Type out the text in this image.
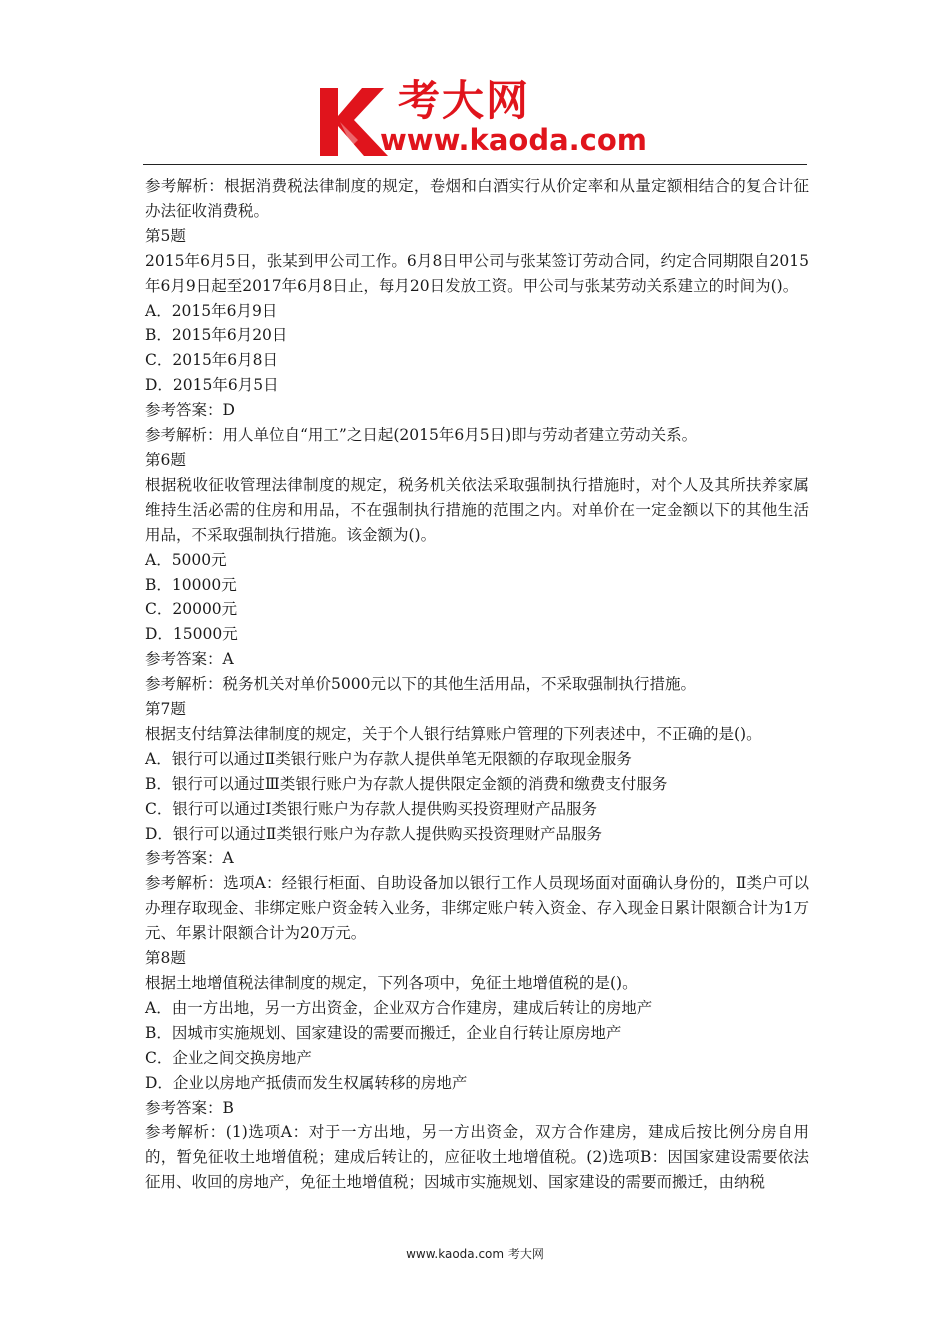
考大网
www.kaoda.com

参考解析：根据消费税法律制度的规定，卷烟和白酒实行从价定率和从量定额相结合的复合计征办法征收消费税。

第5题

2015年6月5日，张某到甲公司工作。6月8日甲公司与张某签订劳动合同，约定合同期限自2015年6月9日起至2017年6月8日止，每月20日发放工资。甲公司与张某劳动关系建立的时间为()。

A．2015年6月9日

B．2015年6月20日

C．2015年6月8日

D．2015年6月5日

参考答案：D

参考解析：用人单位自“用工”之日起(2015年6月5日)即与劳动者建立劳动关系。

第6题

根据税收征收管理法律制度的规定，税务机关依法采取强制执行措施时，对个人及其所扶养家属维持生活必需的住房和用品，不在强制执行措施的范围之内。对单价在一定金额以下的其他生活用品，不采取强制执行措施。该金额为()。

A．5000元

B．10000元

C．20000元

D．15000元

参考答案：A

参考解析：税务机关对单价5000元以下的其他生活用品，不采取强制执行措施。

第7题

根据支付结算法律制度的规定，关于个人银行结算账户管理的下列表述中，不正确的是()。

A．银行可以通过Ⅱ类银行账户为存款人提供单笔无限额的存取现金服务

B．银行可以通过Ⅲ类银行账户为存款人提供限定金额的消费和缴费支付服务

C．银行可以通过Ⅰ类银行账户为存款人提供购买投资理财产品服务

D．银行可以通过Ⅱ类银行账户为存款人提供购买投资理财产品服务

参考答案：A

参考解析：选项A：经银行柜面、自助设备加以银行工作人员现场面对面确认身份的，Ⅱ类户可以办理存取现金、非绑定账户资金转入业务，非绑定账户转入资金、存入现金日累计限额合计为1万元、年累计限额合计为20万元。

第8题

根据土地增值税法律制度的规定，下列各项中，免征土地增值税的是()。

A．由一方出地，另一方出资金，企业双方合作建房，建成后转让的房地产

B．因城市实施规划、国家建设的需要而搬迁，企业自行转让原房地产

C．企业之间交换房地产

D．企业以房地产抵债而发生权属转移的房地产

参考答案：B

参考解析：(1)选项A：对于一方出地，另一方出资金，双方合作建房，建成后按比例分房自用的，暂免征收土地增值税；建成后转让的，应征收土地增值税。(2)选项B：因国家建设需要依法征用、收回的房地产，免征土地增值税；因城市实施规划、国家建设的需要而搬迁，由纳税

www.kaoda.com 考大网
